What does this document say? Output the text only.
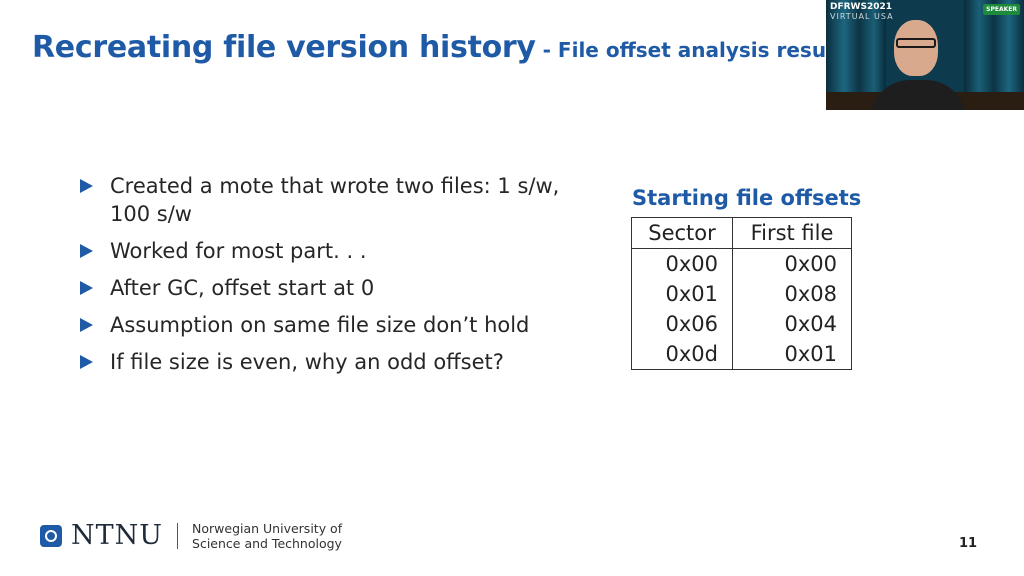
Recreating file version history - File offset analysis resu
Created a mote that wrote two files: 1 s/w, 100 s/w
Worked for most part. . .
After GC, offset start at 0
Assumption on same file size don’t hold
If file size is even, why an odd offset?
Starting file offsets
Sector	First file
0x00	0x00
0x01	0x08
0x06	0x04
0x0d	0x01
NTNU Norwegian University of
Science and Technology	11
DFRWS2021
VIRTUAL USA
SPEAKER
